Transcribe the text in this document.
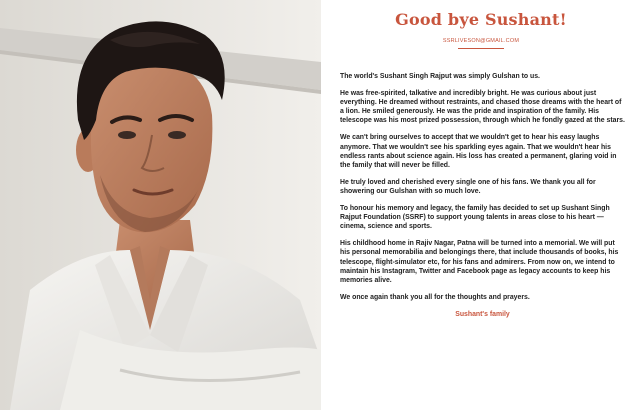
Good bye Sushant!
SSRLIVESON@GMAIL.COM

The world's Sushant Singh Rajput was simply Gulshan to us.

He was free-spirited, talkative and incredibly bright. He was curious about just everything. He dreamed without restraints, and chased those dreams with the heart of a lion. He smiled generously. He was the pride and inspiration of the family. His telescope was his most prized possession, through which he fondly gazed at the stars.

We can't bring ourselves to accept that we wouldn't get to hear his easy laughs anymore. That we wouldn't see his sparkling eyes again. That we wouldn't hear his endless rants about science again. His loss has created a permanent, glaring void in the family that will never be filled.

He truly loved and cherished every single one of his fans. We thank you all for showering our Gulshan with so much love.

To honour his memory and legacy, the family has decided to set up Sushant Singh Rajput Foundation (SSRF) to support young talents in areas close to his heart — cinema, science and sports.

His childhood home in Rajiv Nagar, Patna will be turned into a memorial. We will put his personal memorabilia and belongings there, that include thousands of books, his telescope, flight-simulator etc, for his fans and admirers. From now on, we intend to maintain his Instagram, Twitter and Facebook page as legacy accounts to keep his memories alive.

We once again thank you all for the thoughts and prayers.

Sushant's family
